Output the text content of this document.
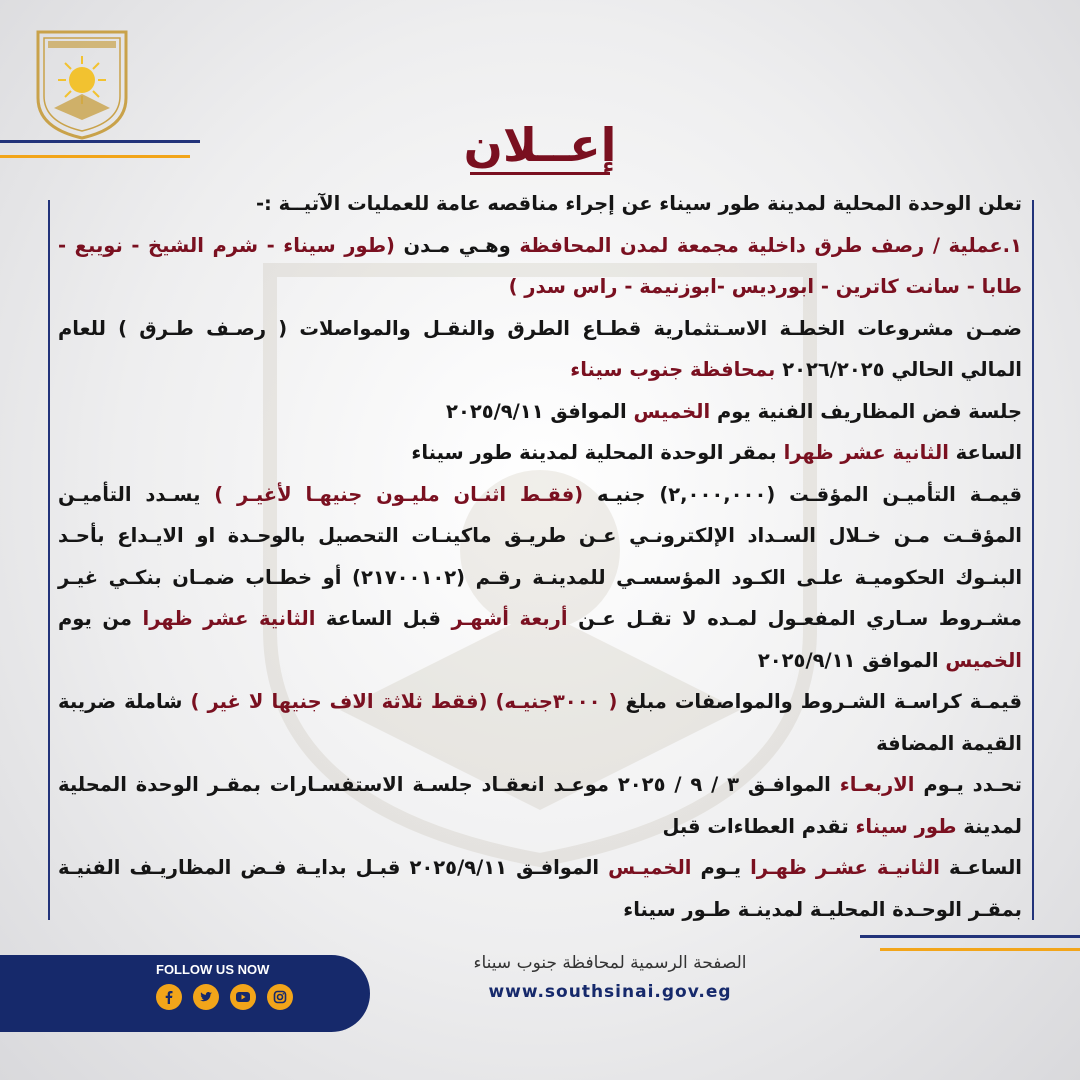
إعــلان

تعلن الوحدة المحلية لمدينة طور سيناء عن إجراء مناقصه عامة للعمليات الآتيــة :-

١.عملية / رصف طرق داخلية مجمعة لمدن المحافظة وهـي مـدن (طور سيناء - شرم الشيخ - نويبع - طابا - سانت كاترين - ابورديس -ابوزنيمة - راس سدر )

ضمـن مشروعات الخطـة الاسـتثمارية قطـاع الطرق والنقـل والمواصلات ( رصـف طـرق ) للعام المالي الحالي ٢٠٢٦/٢٠٢٥ بمحافظة جنوب سيناء

جلسة فض المظاريف الفنية يوم الخميس الموافق ٢٠٢٥/٩/١١

الساعة الثانية عشر ظهرا بمقر الوحدة المحلية لمدينة طور سيناء

قيمـة التأميـن المؤقـت (٢,٠٠٠,٠٠٠) جنيـه (فقـط اثنـان مليـون جنيهـا لأغيـر ) يسـدد التأميـن المؤقـت مـن خـلال السـداد الإلكترونـي عـن طريـق ماكينـات التحصيل بالوحـدة او الايـداع بأحـد البنـوك الحكوميـة علـى الكـود المؤسسـي للمدينـة رقـم (٢١٧٠٠١٠٢) أو خطـاب ضمـان بنكـي غيـر مشـروط سـاري المفعـول لمـده لا تقـل عـن أربعة أشهـر قبل الساعة الثانية عشر ظهرا من يوم الخميس الموافق ٢٠٢٥/٩/١١

قيمـة كراسـة الشـروط والمواصفات مبلغ ( ٣٠٠٠جنيـه) (فقط ثلاثة الاف جنيها لا غير ) شاملة ضريبة القيمة المضافة

تحـدد يـوم الاربعـاء الموافـق ٣ / ٩ / ٢٠٢٥ موعـد انعقـاد جلسـة الاستفسـارات بمقـر الوحدة المحلية لمدينة طور سيناء تقدم العطاءات قبل

الساعـة الثانيـة عشـر ظهـرا يـوم الخميـس الموافـق ٢٠٢٥/٩/١١ قبـل بدايـة فـض المظاريـف الفنيـة بمقـر الوحـدة المحليـة لمدينـة طـور سيناء

FOLLOW US NOW	الصفحة الرسمية لمحافظة جنوب سيناء
www.southsinai.gov.eg
